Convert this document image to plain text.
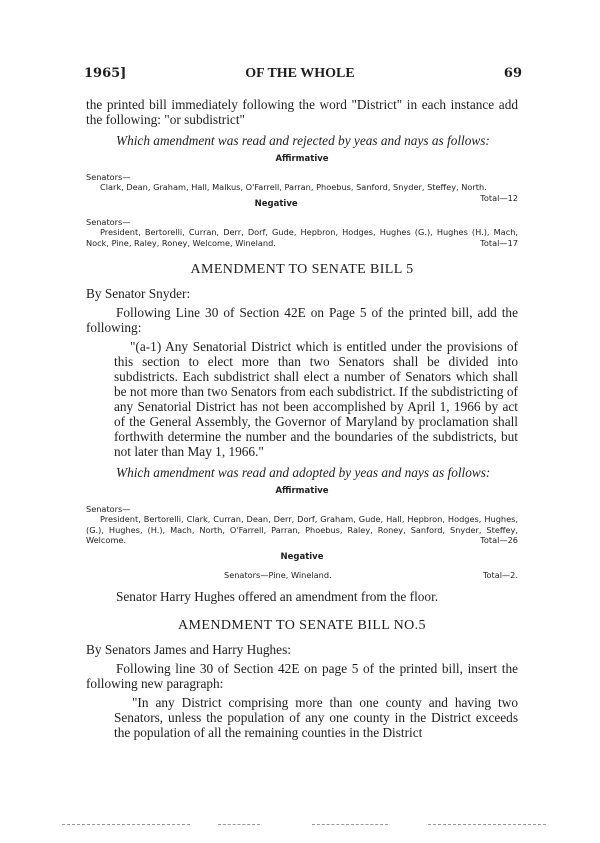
1965]	OF THE WHOLE	69

the printed bill immediately following the word "District" in each instance add the following: "or subdistrict"

Which amendment was read and rejected by yeas and nays as follows:

Affirmative

Senators—

Clark, Dean, Graham, Hall, Malkus, O'Farrell, Parran, Phoebus, Sanford, Snyder, Steffey, North.
Total—12

Negative

Senators—

President, Bertorelli, Curran, Derr, Dorf, Gude, Hepbron, Hodges, Hughes (G.), Hughes (H.), Mach, Nock, Pine, Raley, Roney, Welcome, Wineland.	Total—17

AMENDMENT TO SENATE BILL 5

By Senator Snyder:

Following Line 30 of Section 42E on Page 5 of the printed bill, add the following:

"(a-1) Any Senatorial District which is entitled under the provisions of this section to elect more than two Senators shall be divided into subdistricts. Each subdistrict shall elect a number of Senators which shall be not more than two Senators from each subdistrict. If the subdistricting of any Senatorial District has not been accomplished by April 1, 1966 by act of the General Assembly, the Governor of Maryland by proclamation shall forthwith determine the number and the boundaries of the subdistricts, but not later than May 1, 1966."

Which amendment was read and adopted by yeas and nays as follows:

Affirmative

Senators—

President, Bertorelli, Clark, Curran, Dean, Derr, Dorf, Graham, Gude, Hall, Hepbron, Hodges, Hughes, (G.), Hughes, (H.), Mach, North, O'Farrell, Parran, Phoebus, Raley, Roney, Sanford, Snyder, Steffey, Welcome.	Total—26

Negative
Senators—Pine, Wineland.	Total—2.

Senator Harry Hughes offered an amendment from the floor.

AMENDMENT TO SENATE BILL NO.5

By Senators James and Harry Hughes:

Following line 30 of Section 42E on page 5 of the printed bill, insert the following new paragraph:

"In any District comprising more than one county and having two Senators, unless the population of any one county in the District exceeds the population of all the remaining counties in the District
